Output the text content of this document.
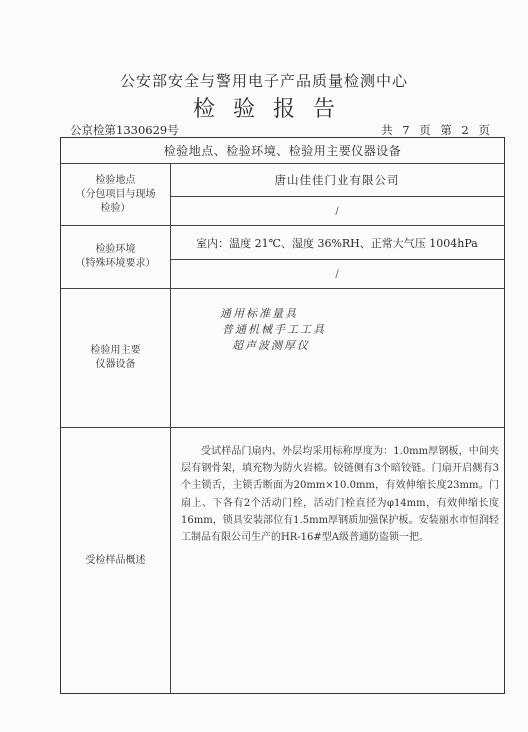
公安部安全与警用电子产品质量检测中心
检验报告
公京检第1330629号	共 7 页 第 2 页
检验地点、检验环境、检验用主要仪器设备
检验地点
（分包项目与现场
检验）
唐山佳佳门业有限公司
/
检验环境
（特殊环境要求）
室内：温度 21℃、湿度 36%RH、正常大气压 1004hPa
/
检验用主要
仪器设备
通用标准量具
普通机械手工工具
超声波测厚仪
受检样品概述
受试样品门扇内、外层均采用标称厚度为：1.0mm厚钢板，中间夹层有钢骨架，填充物为防火岩棉。铰链侧有3个暗铰链。门扇开启侧有3个主锁舌，主锁舌断面为20mm×10.0mm，有效伸缩长度23mm。门扇上、下各有2个活动门栓，活动门栓直径为φ14mm，有效伸缩长度16mm，锁具安装部位有1.5mm厚钢质加强保护板。安装丽水市恒润轻工制品有限公司生产的HR-16#型A级普通防盗锁一把。
